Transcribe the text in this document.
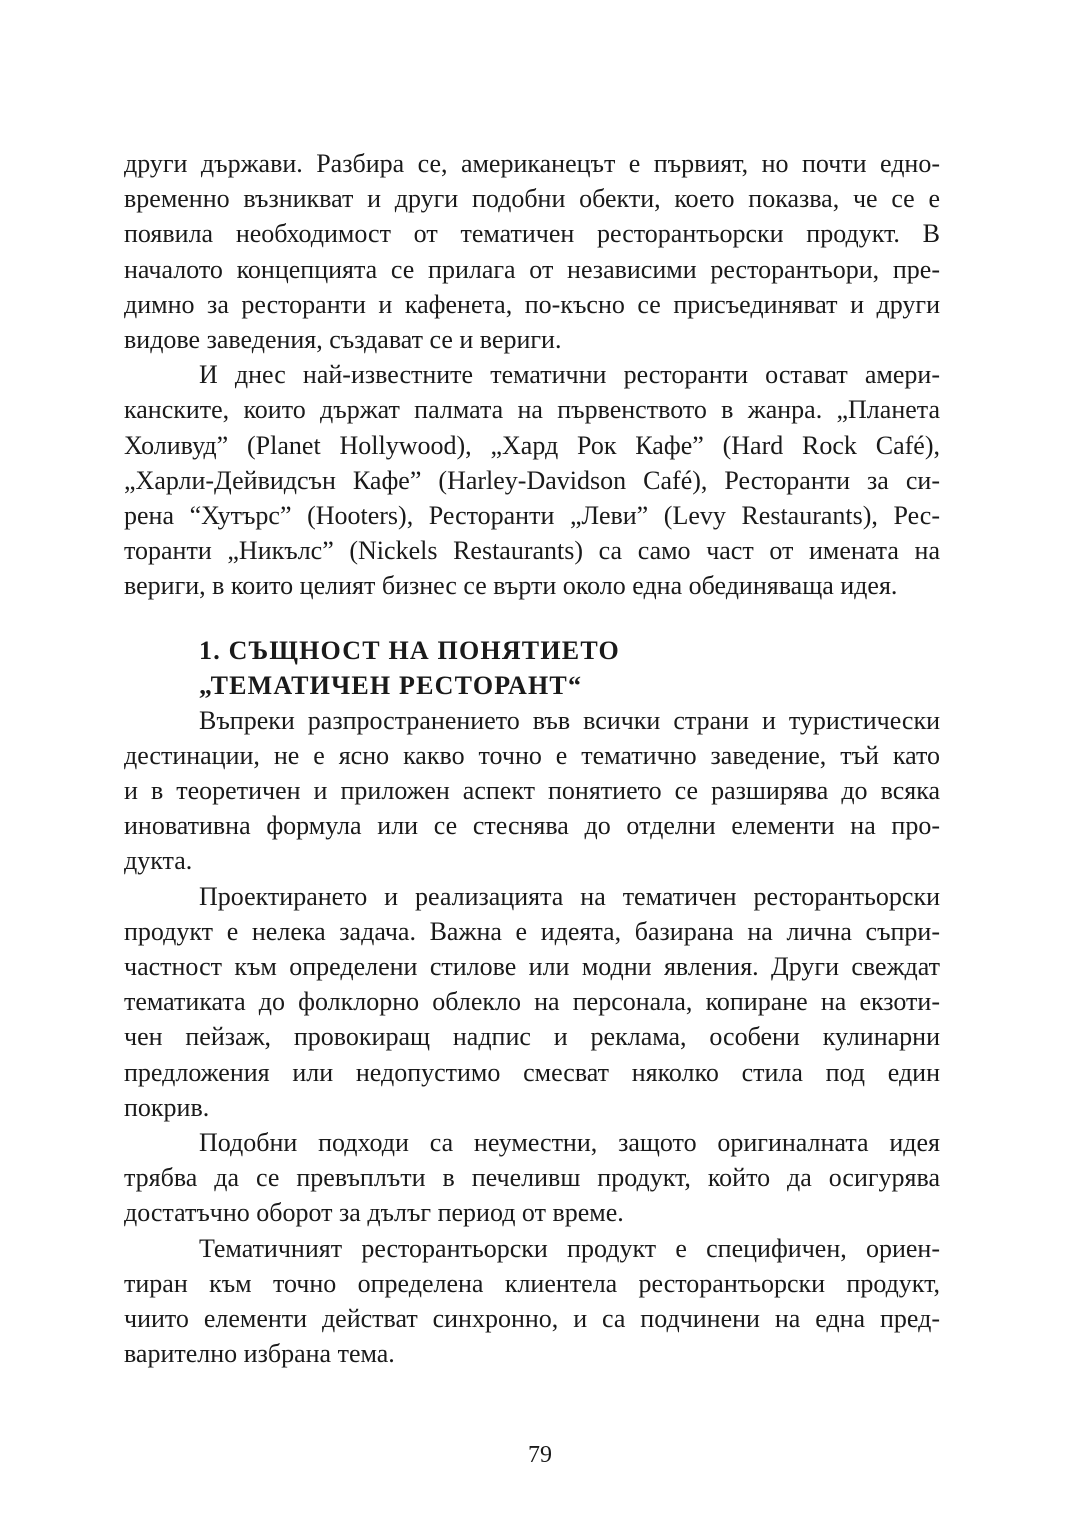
други държави. Разбира се, американецът е първият, но почти едно-
временно възникват и други подобни обекти, което показва, че се е
появила необходимост от тематичен ресторантьорски продукт. В
началото концепцията се прилага от независими ресторантьори, пре-
димно за ресторанти и кафенета, по-късно се присъединяват и други
видове заведения, създават се и вериги.
И днес най-известните тематични ресторанти остават амери-
канските, които държат палмата на първенството в жанра. „Планета
Холивуд” (Planet Hollywood), „Хард Рок Кафе” (Hard Rock Café),
„Харли-Дейвидсън Кафе” (Harley-Davidson Café), Ресторанти за си-
рена “Хутърс” (Hooters), Ресторанти „Леви” (Levy Restaurants), Рес-
торанти „Никълс” (Nickels Restaurants) са само част от имената на
вериги, в които целият бизнес се върти около една обединяваща идея.
1. СЪЩНОСТ НА ПОНЯТИЕТО
„ТЕМАТИЧЕН РЕСТОРАНТ“
Въпреки разпространението във всички страни и туристически
дестинации, не е ясно какво точно е тематично заведение, тъй като
и в теоретичен и приложен аспект понятието се разширява до всяка
иновативна формула или се стеснява до отделни елементи на про-
дукта.
Проектирането и реализацията на тематичен ресторантьорски
продукт е нелека задача. Важна е идеята, базирана на лична съпри-
частност към определени стилове или модни явления. Други свеждат
тематиката до фолклорно облекло на персонала, копиране на екзоти-
чен пейзаж, провокиращ надпис и реклама, особени кулинарни
предложения или недопустимо смесват няколко стила под един
покрив.
Подобни подходи са неуместни, защото оригиналната идея
трябва да се превъплъти в печеливш продукт, който да осигурява
достатъчно оборот за дълъг период от време.
Тематичният ресторантьорски продукт е специфичен, ориен-
тиран към точно определена клиентела ресторантьорски продукт,
чиито елементи действат синхронно, и са подчинени на една пред-
варително избрана тема.
79
